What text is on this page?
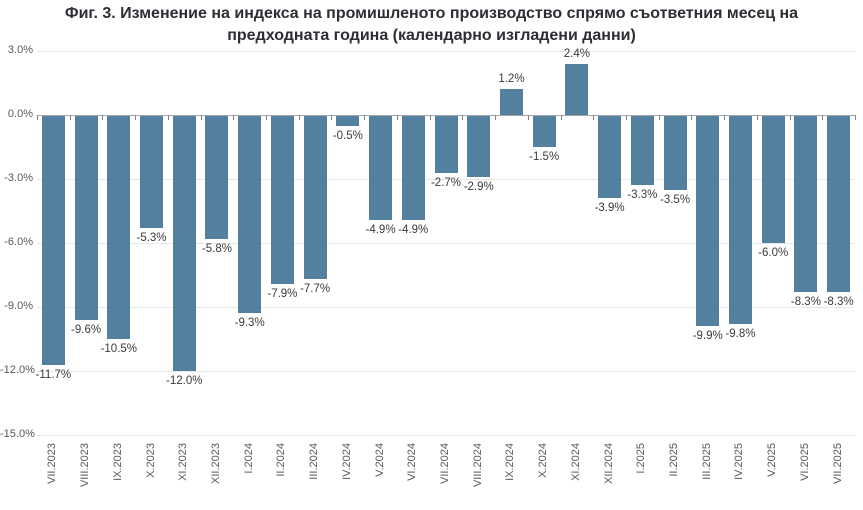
Фиг. 3. Изменение на индекса на промишленото производство спрямо съответния месец на
предходната година (календарно изгладени данни)
3.0%
0.0%
-3.0%
-6.0%
-9.0%
-12.0%
-15.0%
-11.7%
-9.6%
-10.5%
-5.3%
-12.0%
-5.8%
-9.3%
-7.9% -7.7%
-0.5%
-4.9% -4.9%
-2.7% -2.9%
1.2%
-1.5%
2.4%
-3.9%
-3.3% -3.5%
-9.9% -9.8%
-6.0%
-8.3% -8.3%
VII.2023 VIII.2023 IX.2023 X.2023 XI.2023 XII.2023 I.2024 II.2024 III.2024 IV.2024 V.2024 VI.2024 VII.2024 VIII.2024 IX.2024 X.2024 XI.2024 XII.2024 I.2025 II.2025 III.2025 IV.2025 V.2025 VI.2025 VII.2025
